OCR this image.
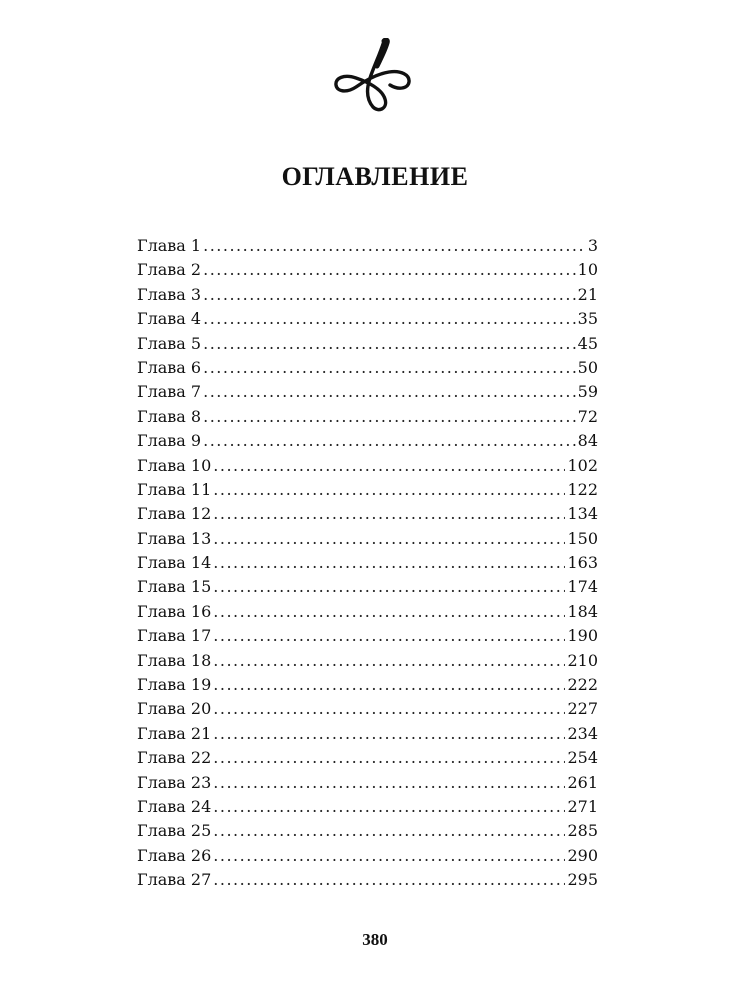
ОГЛАВЛЕНИЕ
Глава 1 .....	3
Глава 2 .....	10
Глава 3 .....	21
Глава 4 .....	35
Глава 5 .....	45
Глава 6 .....	50
Глава 7 .....	59
Глава 8 .....	72
Глава 9 .....	84
Глава 10 .....	102
Глава 11 .....	122
Глава 12 .....	134
Глава 13 .....	150
Глава 14 .....	163
Глава 15 .....	174
Глава 16 .....	184
Глава 17 .....	190
Глава 18 .....	210
Глава 19 .....	222
Глава 20 .....	227
Глава 21 .....	234
Глава 22 .....	254
Глава 23 .....	261
Глава 24 .....	271
Глава 25 .....	285
Глава 26 .....	290
Глава 27 .....	295
380
